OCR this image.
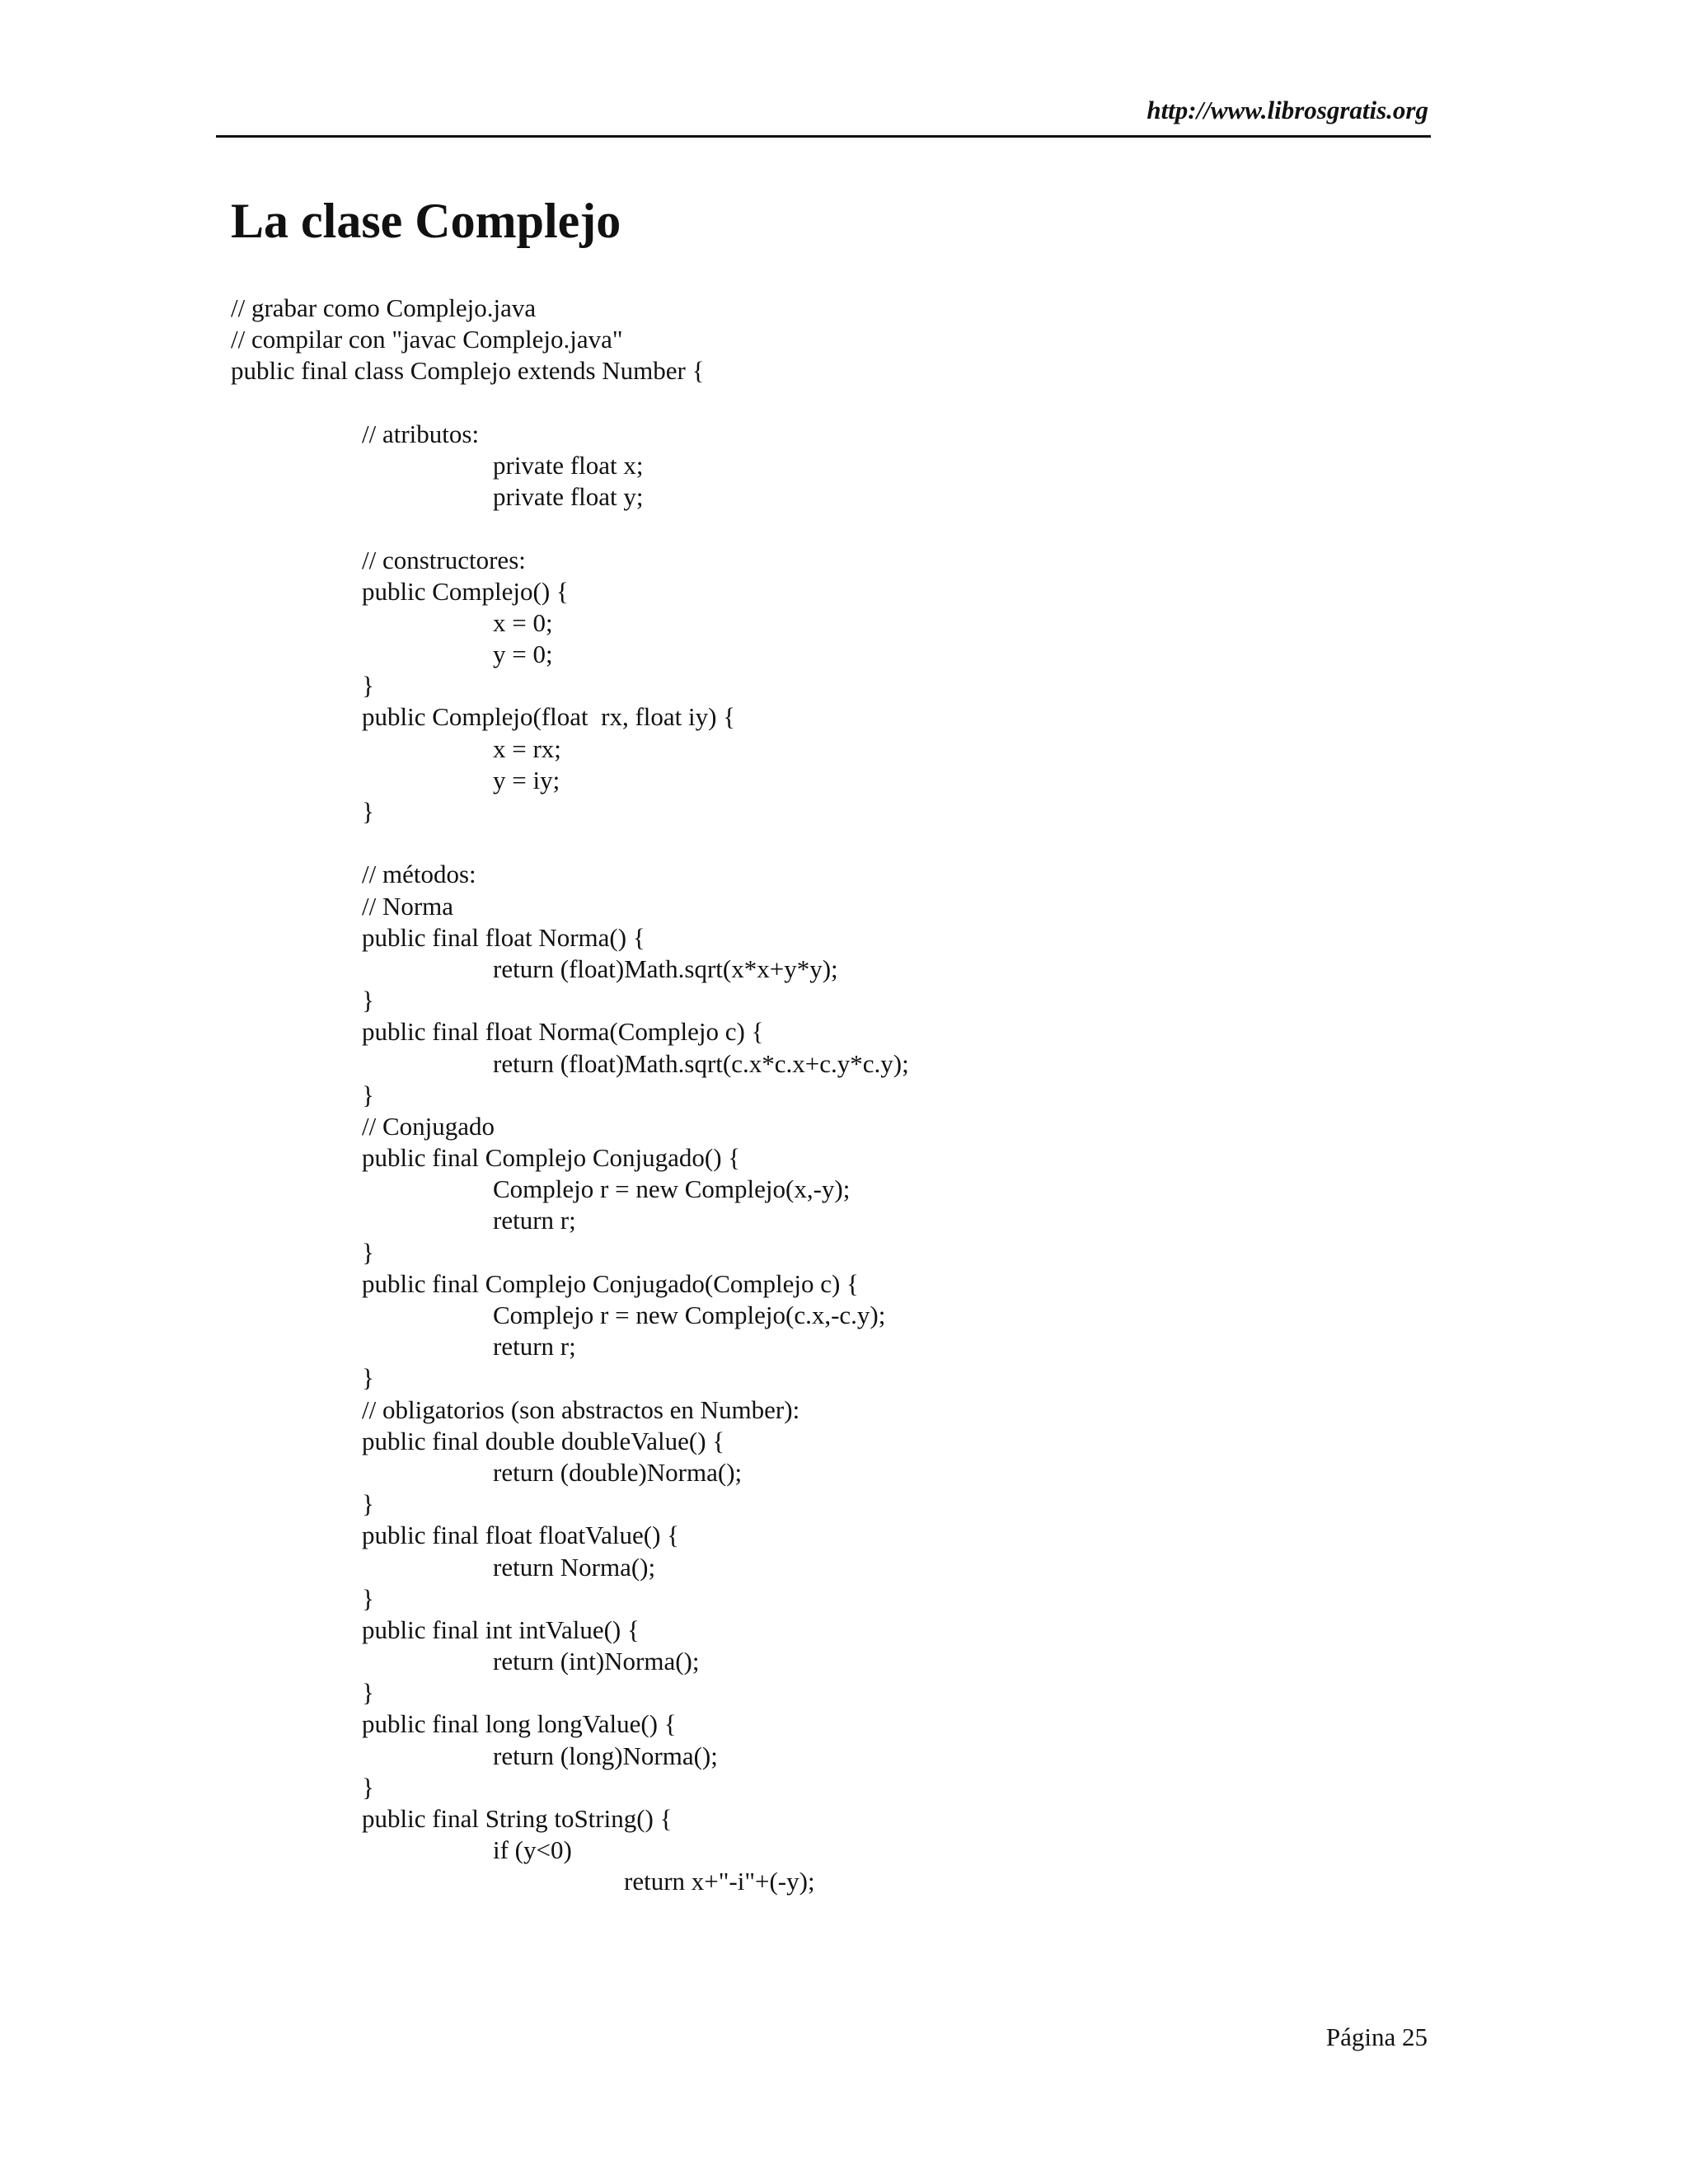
http://www.librosgratis.org
La clase Complejo
// grabar como Complejo.java
// compilar con "javac Complejo.java"
public final class Complejo extends Number {
// atributos:
private float x;
private float y;
// constructores:
public Complejo() {
x = 0;
y = 0;
}
public Complejo(float  rx, float iy) {
x = rx;
y = iy;
}
// métodos:
// Norma
public final float Norma() {
return (float)Math.sqrt(x*x+y*y);
}
public final float Norma(Complejo c) {
return (float)Math.sqrt(c.x*c.x+c.y*c.y);
}
// Conjugado
public final Complejo Conjugado() {
Complejo r = new Complejo(x,-y);
return r;
}
public final Complejo Conjugado(Complejo c) {
Complejo r = new Complejo(c.x,-c.y);
return r;
}
// obligatorios (son abstractos en Number):
public final double doubleValue() {
return (double)Norma();
}
public final float floatValue() {
return Norma();
}
public final int intValue() {
return (int)Norma();
}
public final long longValue() {
return (long)Norma();
}
public final String toString() {
if (y<0)
return x+"-i"+(-y);
Página 25
